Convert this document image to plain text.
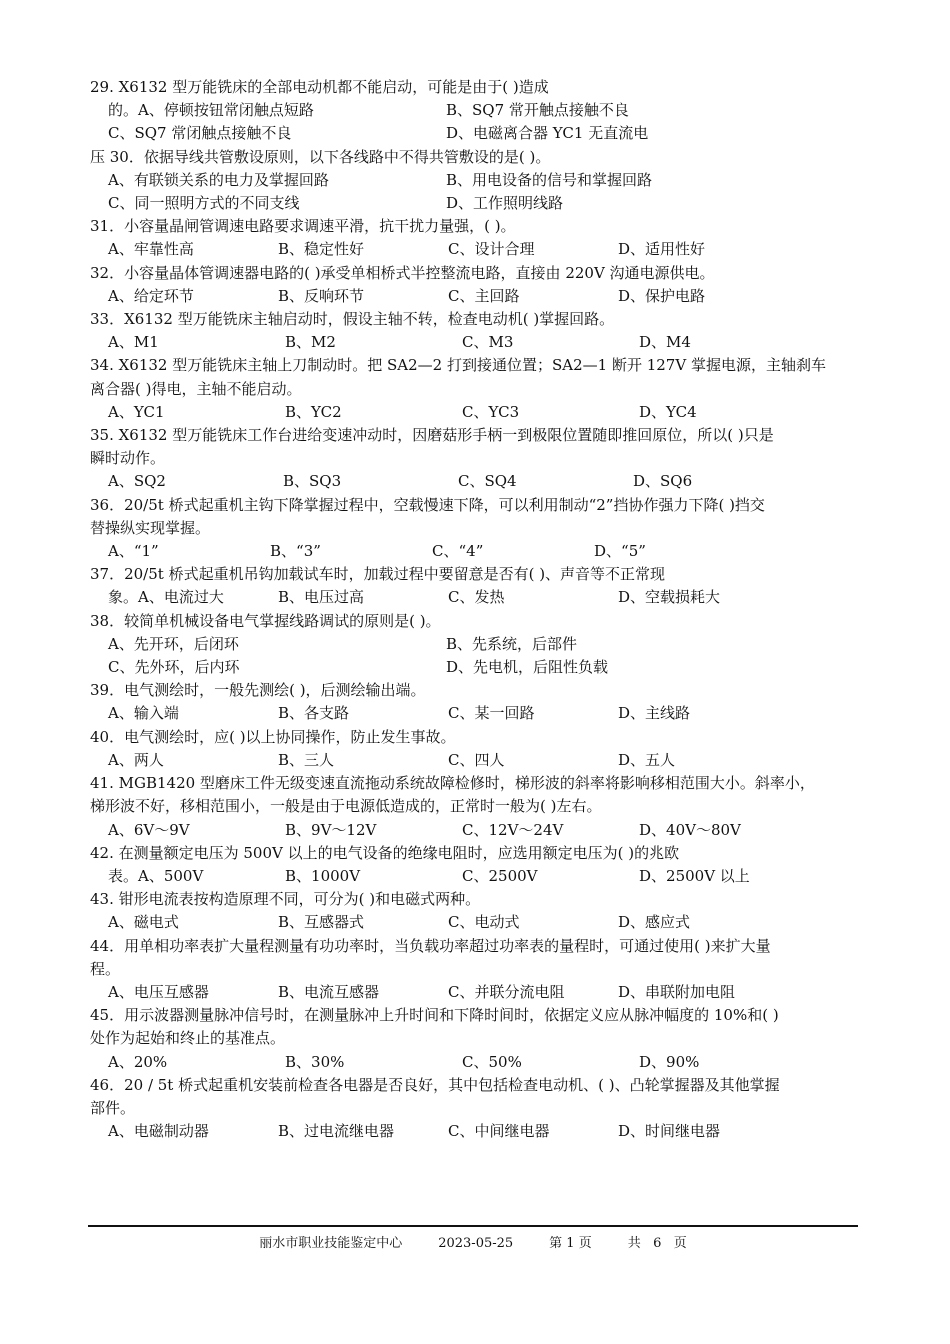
29. X6132 型万能铣床的全部电动机都不能启动，可能是由于( )造成
的。A、停顿按钮常闭触点短路	B、SQ7 常开触点接触不良
C、SQ7 常闭触点接触不良	D、电磁离合器 YC1 无直流电
压 30．依据导线共管敷设原则，以下各线路中不得共管敷设的是( )。
A、有联锁关系的电力及掌握回路	B、用电设备的信号和掌握回路
C、同一照明方式的不同支线	D、工作照明线路
31．小容量晶闸管调速电路要求调速平滑，抗干扰力量强，( )。
A、牢靠性高	B、稳定性好	C、设计合理	D、适用性好
32．小容量晶体管调速器电路的( )承受单相桥式半控整流电路，直接由 220V 沟通电源供电。
A、给定环节	B、反响环节	C、主回路	D、保护电路
33．X6132 型万能铣床主轴启动时，假设主轴不转，检查电动机( )掌握回路。
A、M1	B、M2	C、M3	D、M4
34. X6132 型万能铣床主轴上刀制动时。把 SA2—2 打到接通位置；SA2—1 断开 127V 掌握电源，主轴刹车
离合器( )得电，主轴不能启动。
A、YC1	B、YC2	C、YC3	D、YC4
35. X6132 型万能铣床工作台进给变速冲动时，因磨菇形手柄一到极限位置随即推回原位，所以( )只是
瞬时动作。
A、SQ2	B、SQ3	C、SQ4	D、SQ6
36．20/5t 桥式起重机主钩下降掌握过程中，空载慢速下降，可以利用制动“2”挡协作强力下降( )挡交
替操纵实现掌握。
A、“1”	B、“3”	C、“4”	D、“5”
37．20/5t 桥式起重机吊钩加载试车时，加载过程中要留意是否有( )、声音等不正常现
象。A、电流过大	B、电压过高	C、发热	D、空载损耗大
38．较简单机械设备电气掌握线路调试的原则是( )。
A、先开环，后闭环	B、先系统，后部件
C、先外环，后内环	D、先电机，后阻性负载
39．电气测绘时，一般先测绘( )，后测绘输出端。
A、输入端	B、各支路	C、某一回路	D、主线路
40．电气测绘时，应( )以上协同操作，防止发生事故。
A、两人	B、三人	C、四人	D、五人
41. MGB1420 型磨床工件无级变速直流拖动系统故障检修时，梯形波的斜率将影响移相范围大小。斜率小，
梯形波不好，移相范围小，一般是由于电源低造成的，正常时一般为( )左右。
A、6V～9V	B、9V～12V	C、12V～24V	D、40V～80V
42. 在测量额定电压为 500V 以上的电气设备的绝缘电阻时，应选用额定电压为( )的兆欧
表。A、500V	B、1000V	C、2500V	D、2500V 以上
43. 钳形电流表按构造原理不同，可分为( )和电磁式两种。
A、磁电式	B、互感器式	C、电动式	D、感应式
44．用单相功率表扩大量程测量有功功率时，当负载功率超过功率表的量程时，可通过使用( )来扩大量
程。
A、电压互感器	B、电流互感器	C、并联分流电阻	D、串联附加电阻
45．用示波器测量脉冲信号时，在测量脉冲上升时间和下降时间时，依据定义应从脉冲幅度的 10%和( )
处作为起始和终止的基准点。
A、20%	B、30%	C、50%	D、90%
46．20 / 5t 桥式起重机安装前检查各电器是否良好，其中包括检查电动机、( )、凸轮掌握器及其他掌握
部件。
A、电磁制动器	B、过电流继电器	C、中间继电器	D、时间继电器
丽水市职业技能鉴定中心	2023-05-25	第 1 页	共   6   页
